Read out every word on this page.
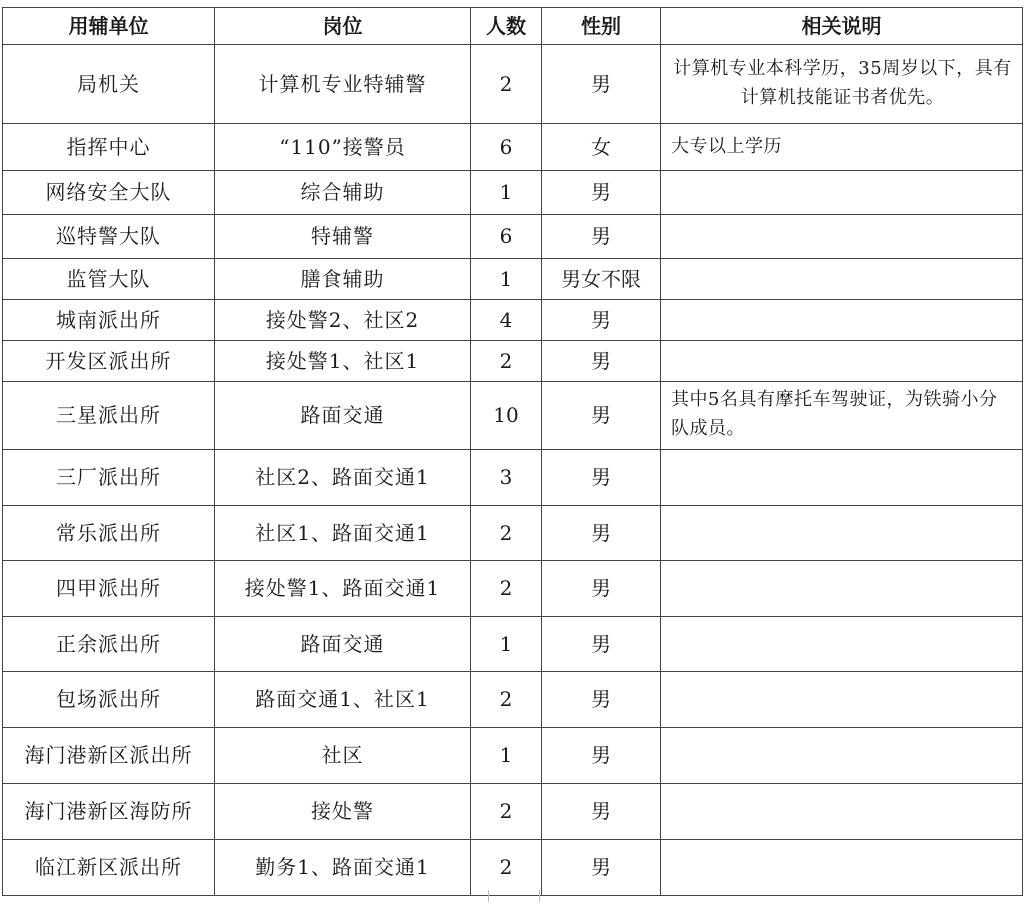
用辅单位	岗位	人数	性别	相关说明
局机关	计算机专业特辅警	2	男	计算机专业本科学历，35周岁以下，具有计算机技能证书者优先。
指挥中心	“110”接警员	6	女	大专以上学历
网络安全大队	综合辅助	1	男	
巡特警大队	特辅警	6	男	
监管大队	膳食辅助	1	男女不限	
城南派出所	接处警2、社区2	4	男	
开发区派出所	接处警1、社区1	2	男	
三星派出所	路面交通	10	男	其中5名具有摩托车驾驶证，为铁骑小分队成员。
三厂派出所	社区2、路面交通1	3	男	
常乐派出所	社区1、路面交通1	2	男	
四甲派出所	接处警1、路面交通1	2	男	
正余派出所	路面交通	1	男	
包场派出所	路面交通1、社区1	2	男	
海门港新区派出所	社区	1	男	
海门港新区海防所	接处警	2	男	
临江新区派出所	勤务1、路面交通1	2	男	
